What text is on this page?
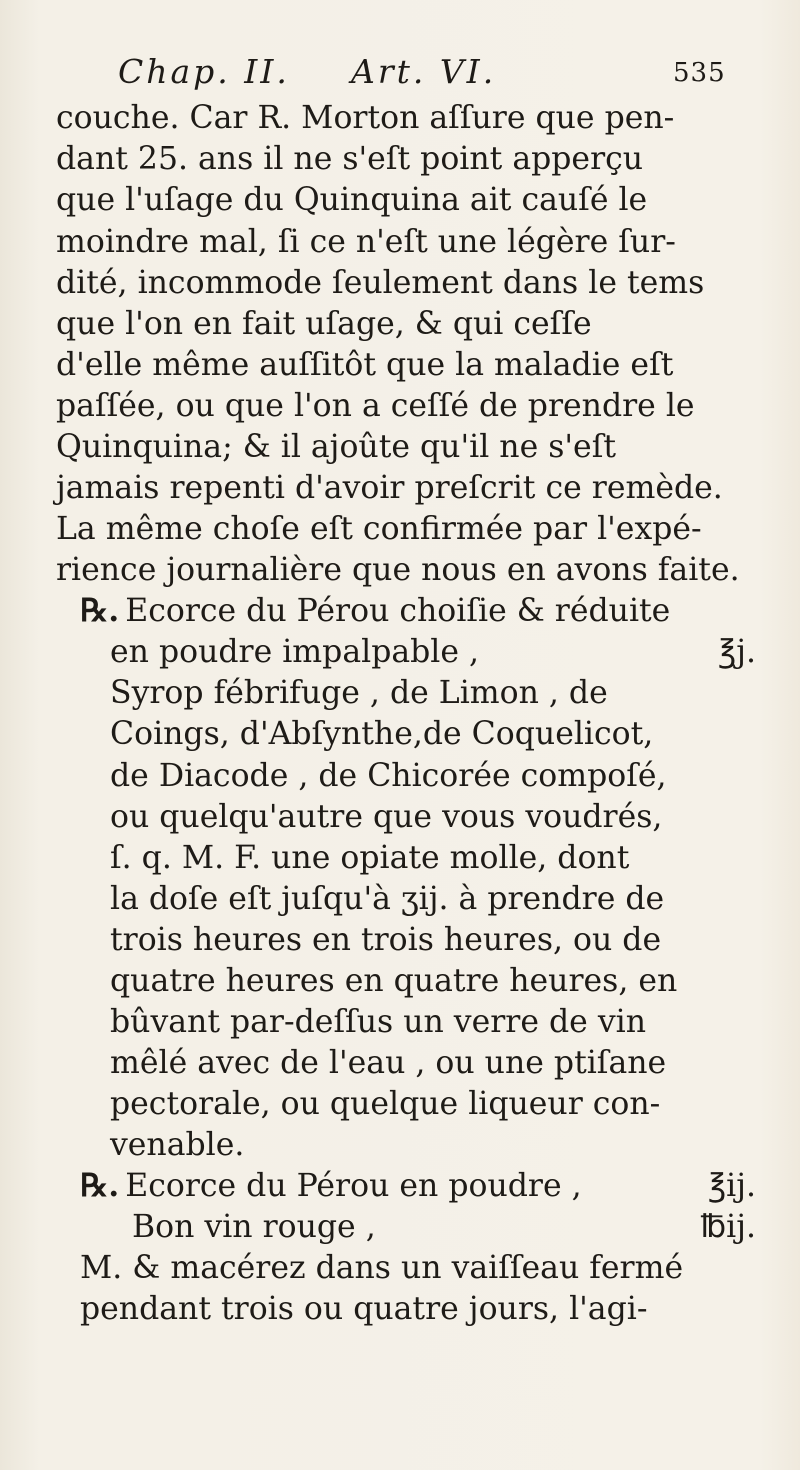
Chap. II. Art. VI.	535
couche. Car R. Morton aſſure que pen-
dant 25. ans il ne s'eſt point apperçu
que l'uſage du Quinquina ait cauſé le
moindre mal, ſi ce n'eſt une légère ſur-
dité, incommode ſeulement dans le tems
que l'on en fait uſage, & qui ceſſe
d'elle même auſſitôt que la maladie eſt
paſſée, ou que l'on a ceſſé de prendre le
Quinquina; & il ajoûte qu'il ne s'eſt
jamais repenti d'avoir preſcrit ce remède.
La même choſe eſt confirmée par l'expé-
rience journalière que nous en avons faite.
℞. Ecorce du Pérou choiſie & réduite
en poudre impalpable ,	℥j.
Syrop fébrifuge , de Limon , de
Coings, d'Abſynthe,de Coquelicot,
de Diacode , de Chicorée compoſé,
ou quelqu'autre que vous voudrés,
ſ. q. M. F. une opiate molle, dont
la doſe eſt juſqu'à ʒij. à prendre de
trois heures en trois heures, ou de
quatre heures en quatre heures, en
bûvant par-deſſus un verre de vin
mêlé avec de l'eau , ou une ptiſane
pectorale, ou quelque liqueur con-
venable.
℞. Ecorce du Pérou en poudre ,	℥ij.
Bon vin rouge ,	℔ij.
M. & macérez dans un vaiſſeau fermé
pendant trois ou quatre jours, l'agi-
